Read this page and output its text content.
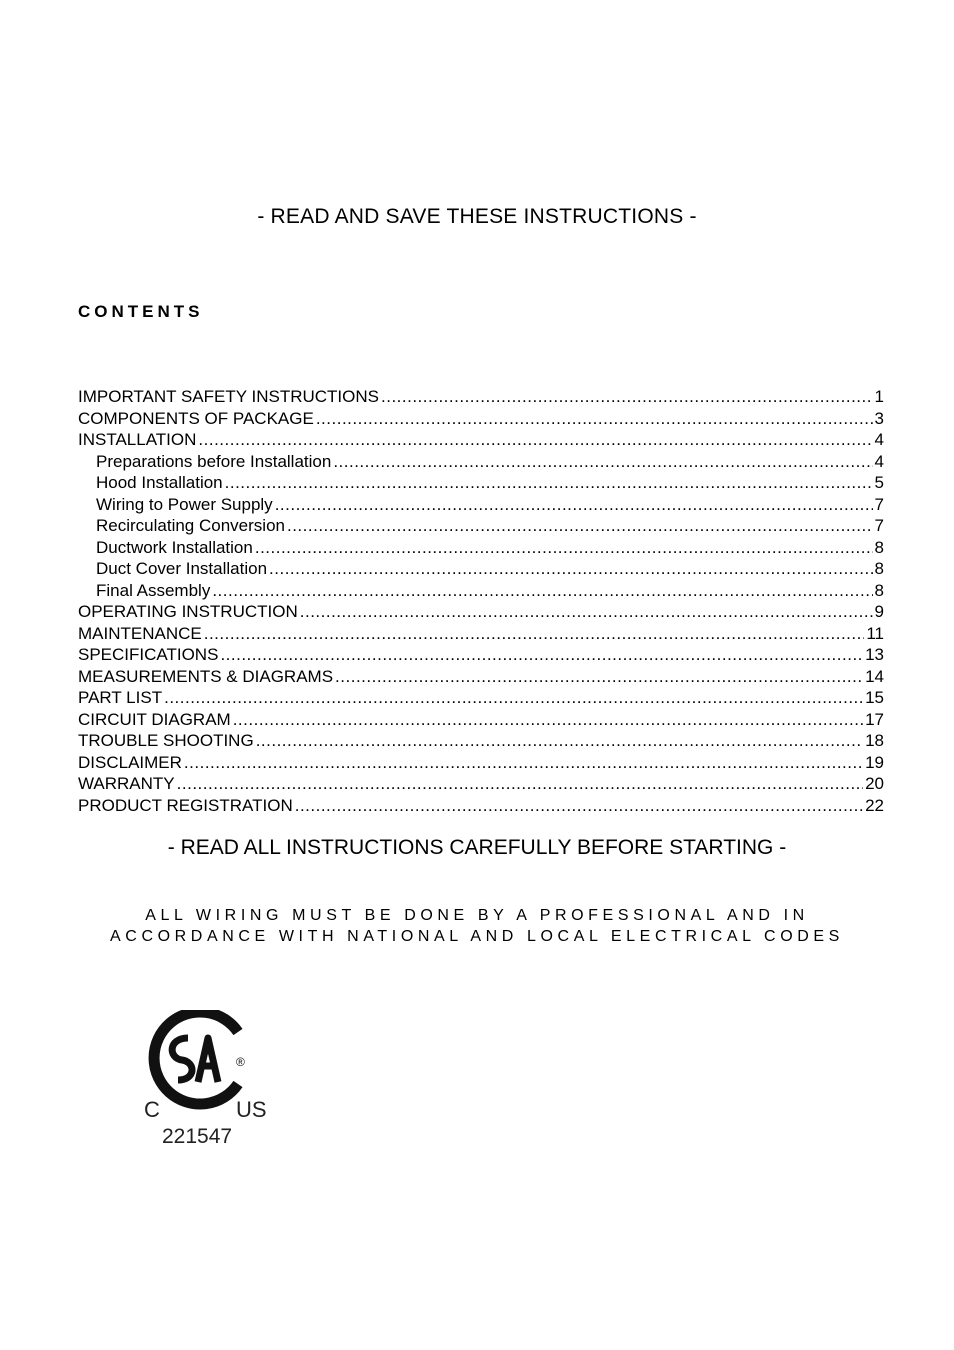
- READ AND SAVE THESE INSTRUCTIONS -
CONTENTS
IMPORTANT SAFETY INSTRUCTIONS .....	1
COMPONENTS OF PACKAGE .....	3
INSTALLATION .....	4
Preparations before Installation .....	4
Hood Installation .....	5
Wiring to Power Supply .....	7
Recirculating Conversion .....	7
Ductwork Installation .....	8
Duct Cover Installation .....	8
Final Assembly .....	8
OPERATING INSTRUCTION .....	9
MAINTENANCE .....	11
SPECIFICATIONS .....	13
MEASUREMENTS & DIAGRAMS .....	14
PART LIST .....	15
CIRCUIT DIAGRAM .....	17
TROUBLE SHOOTING .....	18
DISCLAIMER .....	19
WARRANTY .....	20
PRODUCT REGISTRATION .....	22
- READ ALL INSTRUCTIONS CAREFULLY BEFORE STARTING -
ALL WIRING MUST BE DONE BY A PROFESSIONAL AND IN
ACCORDANCE WITH NATIONAL AND LOCAL ELECTRICAL CODES
®
C	US
221547
